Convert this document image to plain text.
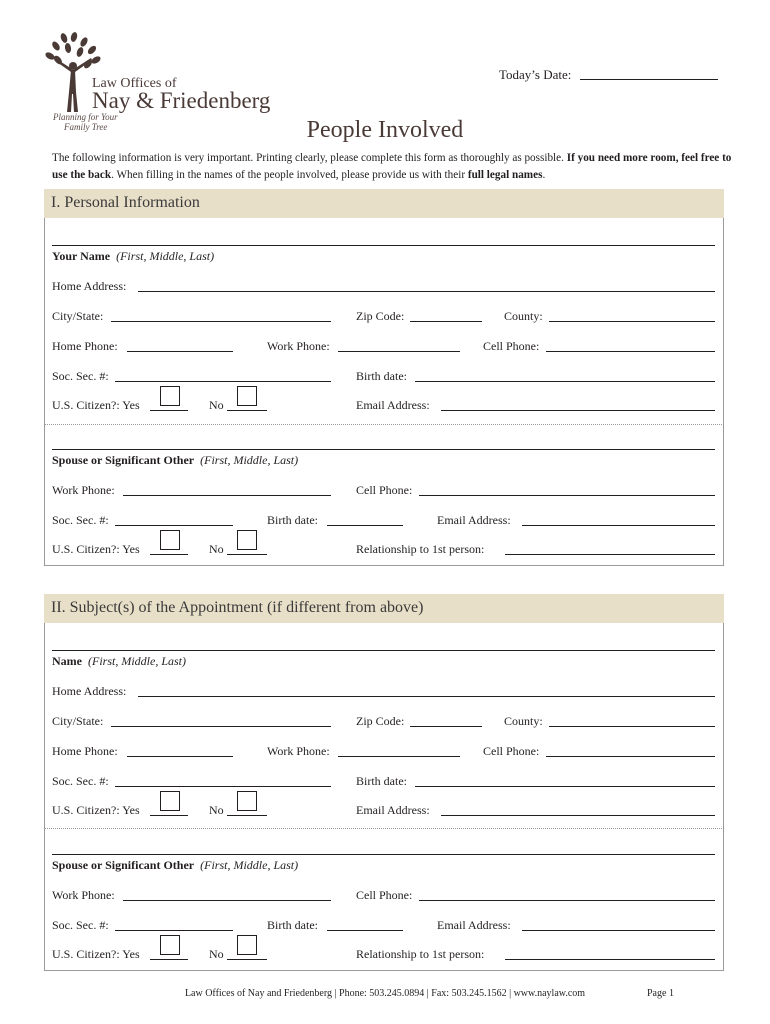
Law Offices of
Nay & Friedenberg
Planning for Your
Family Tree
Today’s Date:
People Involved
The following information is very important. Printing clearly, please complete this form as thoroughly as possible. If you need more room, feel free to use the back. When filling in the names of the people involved, please provide us with their full legal names.
I. Personal Information
Your Name (First, Middle, Last)
Home Address:
City/State:	Zip Code:	County:
Home Phone:	Work Phone:	Cell Phone:
Soc. Sec. #:	Birth date:
U.S. Citizen?: Yes	No	Email Address:
Spouse or Significant Other (First, Middle, Last)
Work Phone:	Cell Phone:
Soc. Sec. #:	Birth date:	Email Address:
U.S. Citizen?: Yes	No	Relationship to 1st person:
II. Subject(s) of the Appointment (if different from above)
Name (First, Middle, Last)
Home Address:
City/State:	Zip Code:	County:
Home Phone:	Work Phone:	Cell Phone:
Soc. Sec. #:	Birth date:
U.S. Citizen?: Yes	No	Email Address:
Spouse or Significant Other (First, Middle, Last)
Work Phone:	Cell Phone:
Soc. Sec. #:	Birth date:	Email Address:
U.S. Citizen?: Yes	No	Relationship to 1st person:
Law Offices of Nay and Friedenberg | Phone: 503.245.0894 | Fax: 503.245.1562 | www.naylaw.com	Page 1
